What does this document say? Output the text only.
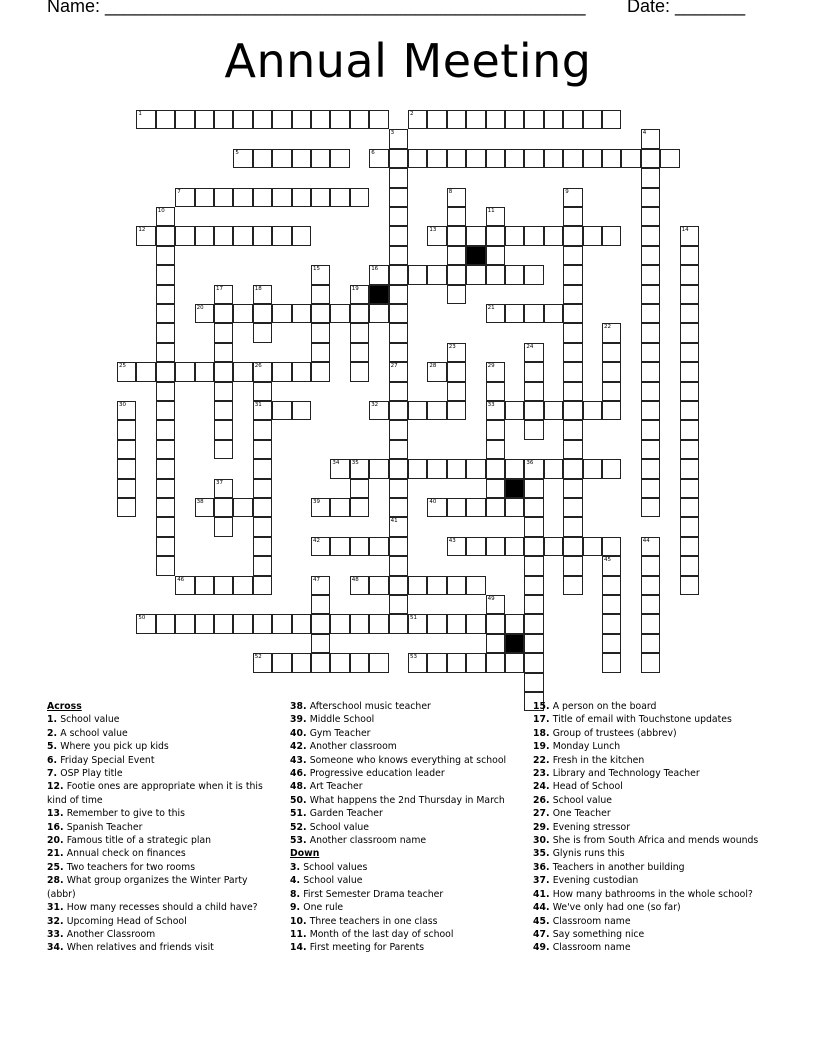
Name: ________________________________________________ Date: _______
Annual Meeting
1	2
3
27
4
5	6
7	8	9
10	11
12	13	14
15	16
17	18	19
20	21
22
23	24
25	26
31
28	29
33
30	32
34 35	36
37
38	39	40
41
42	43	44
45
46	47	48
49
50	51
52	53
Across
1. School value
2. A school value
5. Where you pick up kids
6. Friday Special Event
7. OSP Play title
12. Footie ones are appropriate when it is this kind of time
13. Remember to give to this
16. Spanish Teacher
20. Famous title of a strategic plan
21. Annual check on finances
25. Two teachers for two rooms
28. What group organizes the Winter Party (abbr)
31. How many recesses should a child have?
32. Upcoming Head of School
33. Another Classroom
34. When relatives and friends visit
38. Afterschool music teacher
39. Middle School
40. Gym Teacher
42. Another classroom
43. Someone who knows everything at school
46. Progressive education leader
48. Art Teacher
50. What happens the 2nd Thursday in March
51. Garden Teacher
52. School value
53. Another classroom name
Down
3. School values
4. School value
8. First Semester Drama teacher
9. One rule
10. Three teachers in one class
11. Month of the last day of school
14. First meeting for Parents
15. A person on the board
17. Title of email with Touchstone updates
18. Group of trustees (abbrev)
19. Monday Lunch
22. Fresh in the kitchen
23. Library and Technology Teacher
24. Head of School
26. School value
27. One Teacher
29. Evening stressor
30. She is from South Africa and mends wounds
35. Glynis runs this
36. Teachers in another building
37. Evening custodian
41. How many bathrooms in the whole school?
44. We've only had one (so far)
45. Classroom name
47. Say something nice
49. Classroom name
